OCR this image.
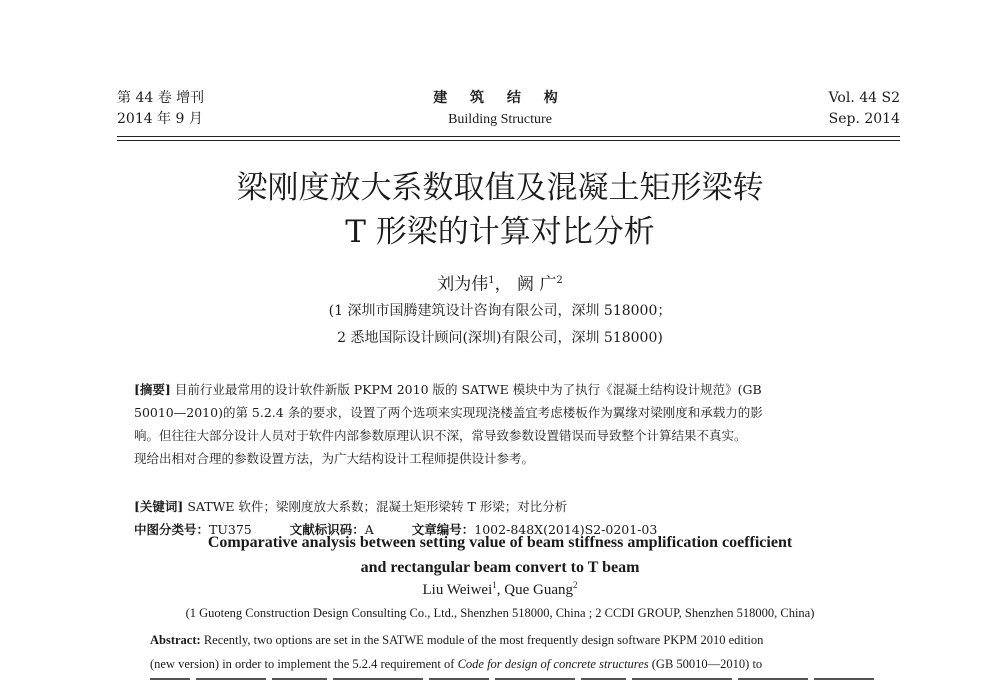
第 44 卷 增刊
2014 年 9 月
建 筑 结 构
Building Structure
Vol. 44 S2
Sep. 2014
梁刚度放大系数取值及混凝土矩形梁转
T 形梁的计算对比分析
刘为伟$^1$， 阙 广$^2$
(1 深圳市国腾建筑设计咨询有限公司，深圳 518000；
2 悉地国际设计顾问(深圳)有限公司，深圳 518000)
[摘要] 目前行业最常用的设计软件新版 PKPM 2010 版的 SATWE 模块中为了执行《混凝土结构设计规范》(GB
50010—2010)的第 5.2.4 条的要求，设置了两个选项来实现现浇楼盖宜考虑楼板作为翼缘对梁刚度和承载力的影
响。但往往大部分设计人员对于软件内部参数原理认识不深，常导致参数设置错误而导致整个计算结果不真实。
现给出相对合理的参数设置方法，为广大结构设计工程师提供设计参考。
[关键词] SATWE 软件；梁刚度放大系数；混凝土矩形梁转 T 形梁；对比分析
中图分类号：TU375	文献标识码：A	文章编号：1002-848X(2014)S2-0201-03
Comparative analysis between setting value of beam stiffness amplification coefficient
and rectangular beam convert to T beam
Liu Weiwei$^1$, Que Guang$^2$
(1 Guoteng Construction Design Consulting Co., Ltd., Shenzhen 518000, China ; 2 CCDI GROUP, Shenzhen 518000, China)
Abstract: Recently, two options are set in the SATWE module of the most frequently design software PKPM 2010 edition
(new version) in order to implement the 5.2.4 requirement of Code for design of concrete structures (GB 50010—2010) to
